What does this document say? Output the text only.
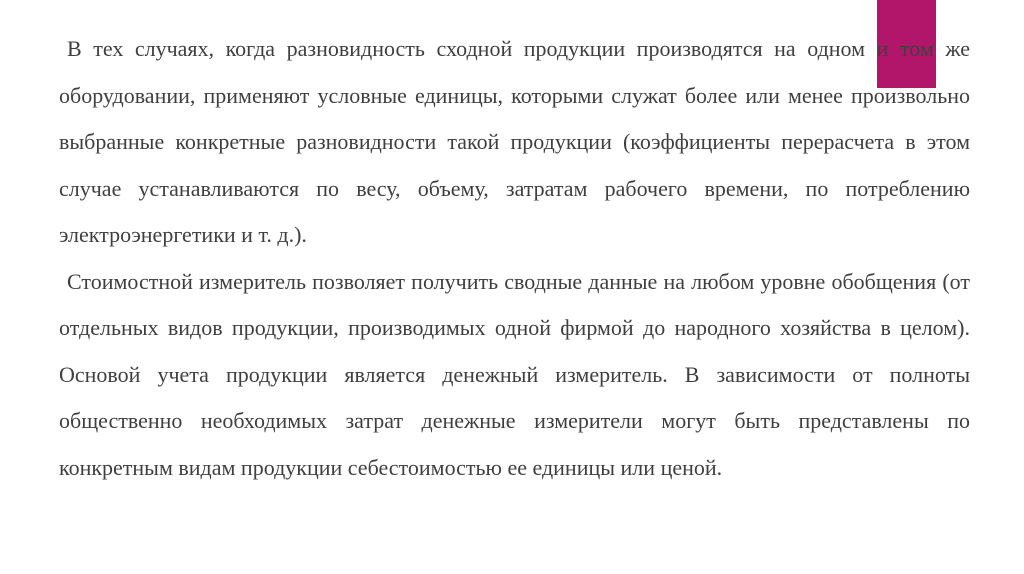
В тех случаях, когда разновидность сходной продукции производятся на одном и том же оборудовании, применяют условные единицы, которыми служат более или менее произвольно выбранные конкретные разновидности такой продукции (коэффициенты перерасчета в этом случае устанавливаются по весу, объему, затратам рабочего времени, по потреблению электроэнергетики и т. д.).

Стоимостной измеритель позволяет получить сводные данные на любом уровне обобщения (от отдельных видов продукции, производимых одной фирмой до народного хозяйства в целом). Основой учета продукции является денежный измеритель. В зависимости от полноты общественно необходимых затрат денежные измерители могут быть представлены по конкретным видам продукции себестоимостью ее единицы или ценой.
